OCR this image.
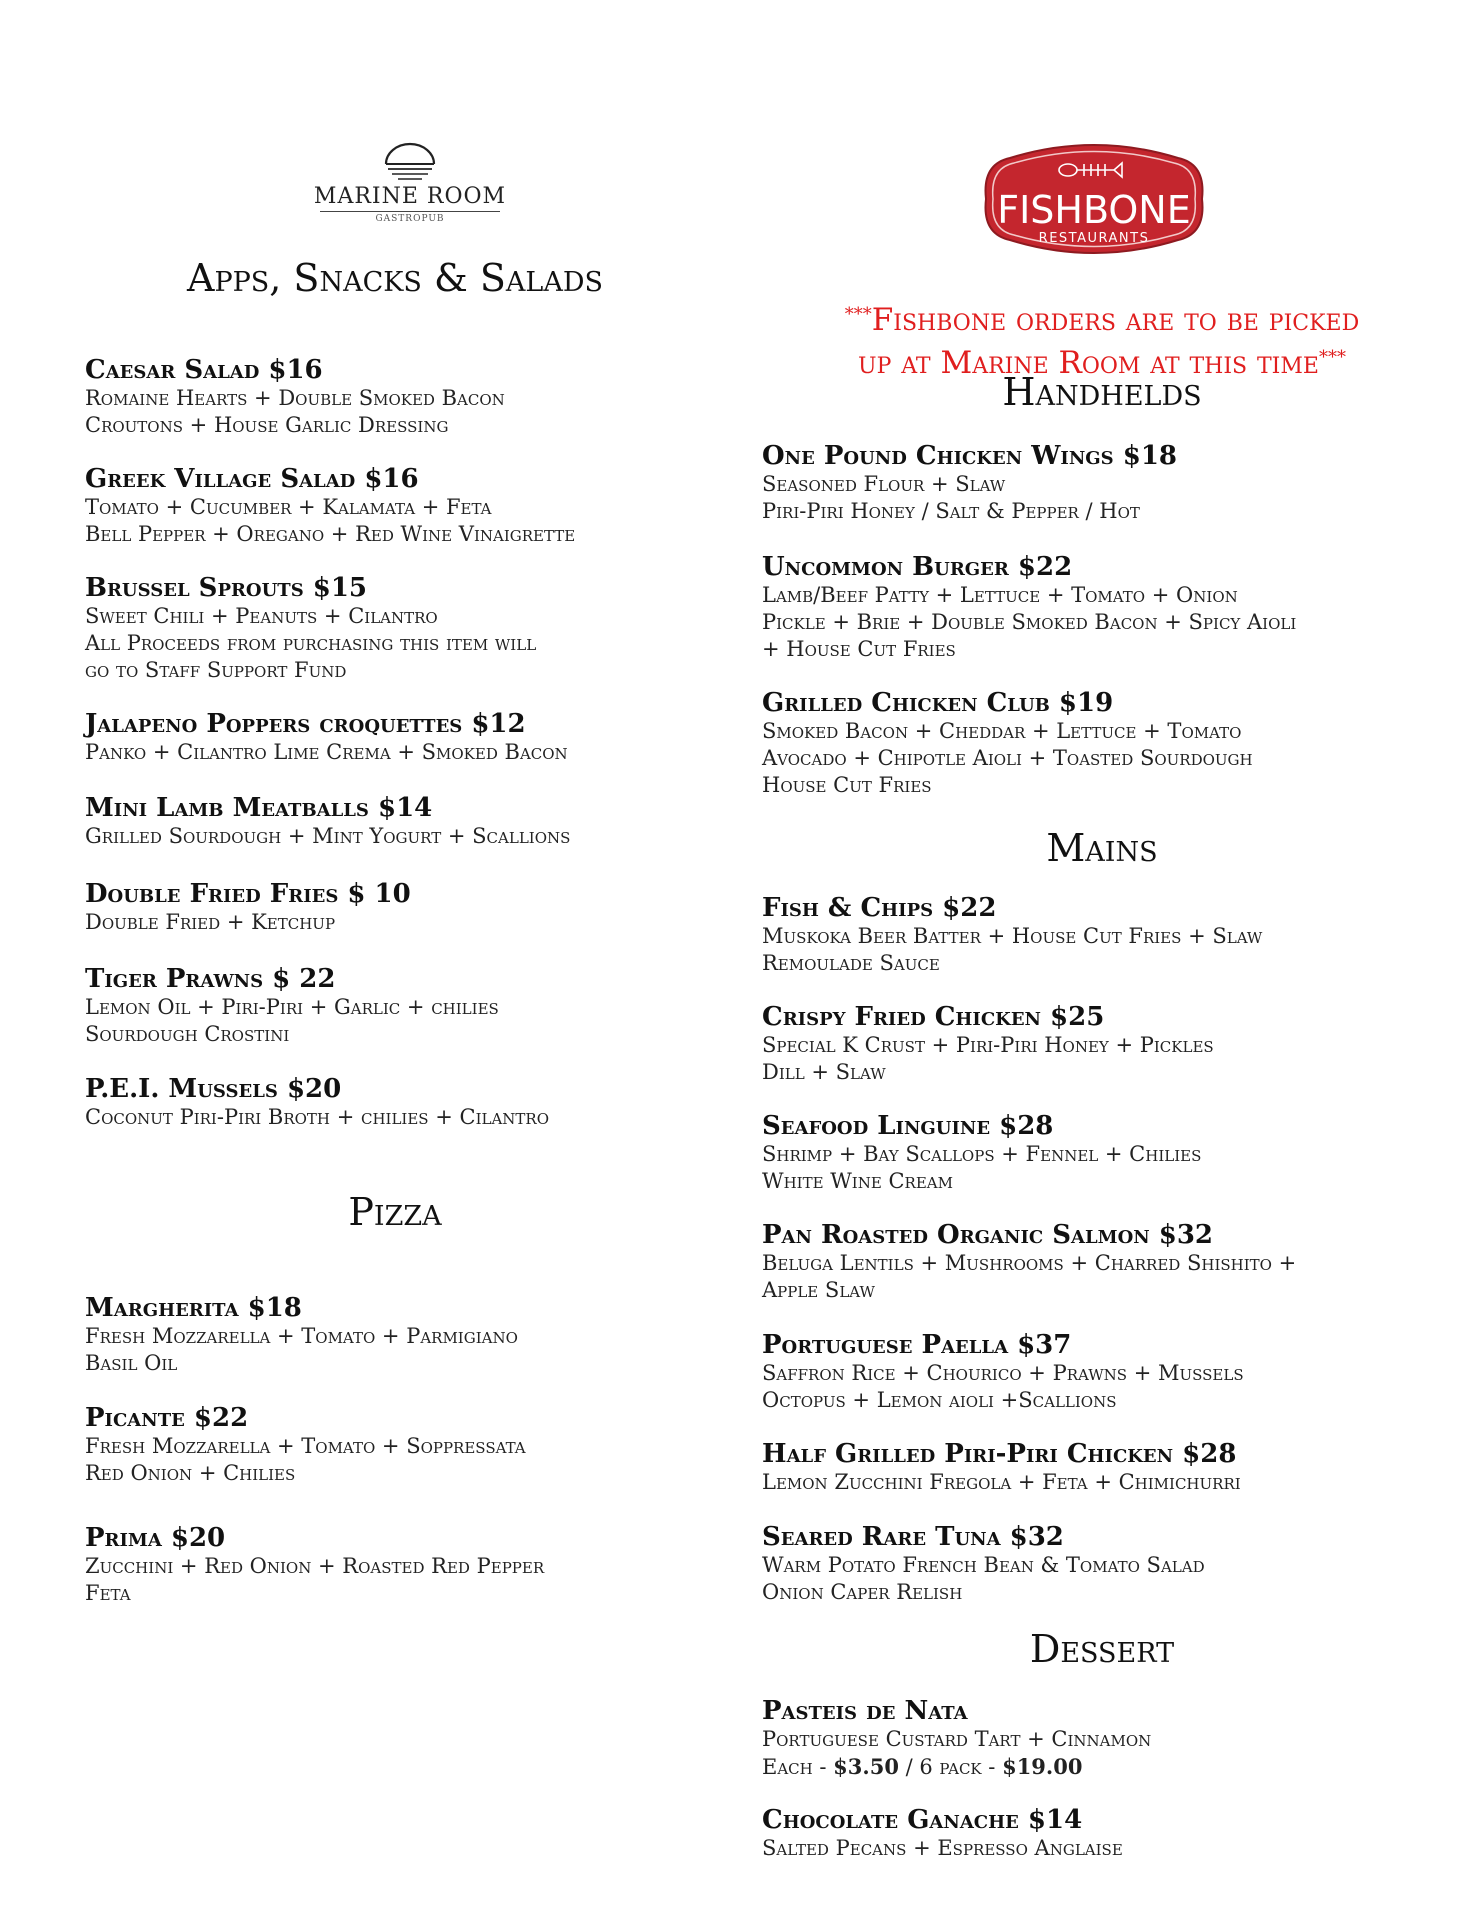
MARINE ROOM
GASTROPUB
Apps, Snacks & Salads
Caesar Salad $16
Romaine Hearts + Double Smoked Bacon
Croutons + House Garlic Dressing
Greek Village Salad $16
Tomato + Cucumber + Kalamata + Feta
Bell Pepper + Oregano + Red Wine Vinaigrette
Brussel Sprouts $15
Sweet Chili + Peanuts + Cilantro
All Proceeds from purchasing this item will
go to Staff Support Fund
Jalapeno Poppers croquettes $12
Panko + Cilantro Lime Crema + Smoked Bacon
Mini Lamb Meatballs $14
Grilled Sourdough + Mint Yogurt + Scallions
Double Fried Fries $ 10
Double Fried + Ketchup
Tiger Prawns $ 22
Lemon Oil + Piri-Piri + Garlic + chilies
Sourdough Crostini
P.E.I. Mussels $20
Coconut Piri-Piri Broth + chilies + Cilantro
Pizza
Margherita $18
Fresh Mozzarella + Tomato + Parmigiano
Basil Oil
Picante $22
Fresh Mozzarella + Tomato + Soppressata
Red Onion + Chilies
Prima $20
Zucchini + Red Onion + Roasted Red Pepper
Feta
FISHBONE
RESTAURANTS
***Fishbone orders are to be picked
up at Marine Room at this time***
Handhelds
One Pound Chicken Wings $18
Seasoned Flour + Slaw
Piri-Piri Honey / Salt & Pepper / Hot
Uncommon Burger $22
Lamb/Beef Patty + Lettuce + Tomato + Onion
Pickle + Brie + Double Smoked Bacon + Spicy Aioli
+ House Cut Fries
Grilled Chicken Club $19
Smoked Bacon + Cheddar + Lettuce + Tomato
Avocado + Chipotle Aioli + Toasted Sourdough
House Cut Fries
Mains
Fish & Chips $22
Muskoka Beer Batter + House Cut Fries + Slaw
Remoulade Sauce
Crispy Fried Chicken $25
Special K Crust + Piri-Piri Honey + Pickles
Dill + Slaw
Seafood Linguine $28
Shrimp + Bay Scallops + Fennel + Chilies
White Wine Cream
Pan Roasted Organic Salmon $32
Beluga Lentils + Mushrooms + Charred Shishito +
Apple Slaw
Portuguese Paella $37
Saffron Rice + Chourico + Prawns + Mussels
Octopus + Lemon aioli +Scallions
Half Grilled Piri-Piri Chicken $28
Lemon Zucchini Fregola + Feta + Chimichurri
Seared Rare Tuna $32
Warm Potato French Bean & Tomato Salad
Onion Caper Relish
Dessert
Pasteis de Nata
Portuguese Custard Tart + Cinnamon
Each - $3.50 / 6 pack - $19.00
Chocolate Ganache $14
Salted Pecans + Espresso Anglaise
